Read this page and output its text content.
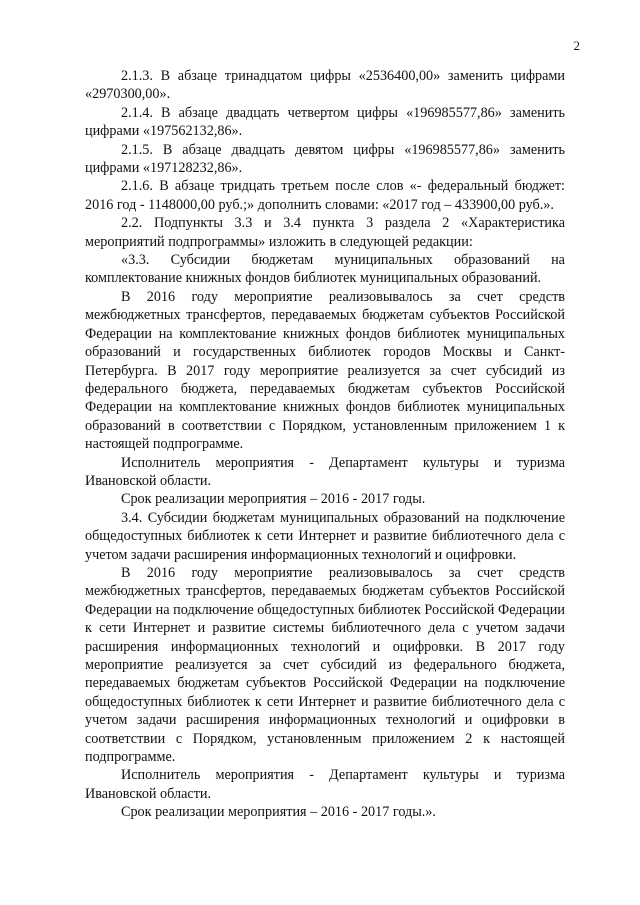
2

2.1.3. В абзаце тринадцатом цифры «2536400,00» заменить цифрами «2970300,00».

2.1.4. В абзаце двадцать четвертом цифры «196985577,86» заменить цифрами «197562132,86».

2.1.5. В абзаце двадцать девятом цифры «196985577,86» заменить цифрами «197128232,86».

2.1.6. В абзаце тридцать третьем после слов «- федеральный бюджет: 2016 год - 1148000,00 руб.;» дополнить словами: «2017 год – 433900,00 руб.».

2.2. Подпункты 3.3 и 3.4 пункта 3 раздела 2 «Характеристика мероприятий подпрограммы» изложить в следующей редакции:

«3.3. Субсидии бюджетам муниципальных образований на комплектование книжных фондов библиотек муниципальных образований.

В 2016 году мероприятие реализовывалось за счет средств межбюджетных трансфертов, передаваемых бюджетам субъектов Российской Федерации на комплектование книжных фондов библиотек муниципальных образований и государственных библиотек городов Москвы и Санкт-Петербурга. В 2017 году мероприятие реализуется за счет субсидий из федерального бюджета, передаваемых бюджетам субъектов Российской Федерации на комплектование книжных фондов библиотек муниципальных образований в соответствии с Порядком, установленным приложением 1 к настоящей подпрограмме.

Исполнитель мероприятия - Департамент культуры и туризма Ивановской области.

Срок реализации мероприятия – 2016 - 2017 годы.

3.4. Субсидии бюджетам муниципальных образований на подключение общедоступных библиотек к сети Интернет и развитие библиотечного дела с учетом задачи расширения информационных технологий и оцифровки.

В 2016 году мероприятие реализовывалось за счет средств межбюджетных трансфертов, передаваемых бюджетам субъектов Российской Федерации на подключение общедоступных библиотек Российской Федерации к сети Интернет и развитие системы библиотечного дела с учетом задачи расширения информационных технологий и оцифровки. В 2017 году мероприятие реализуется за счет субсидий из федерального бюджета, передаваемых бюджетам субъектов Российской Федерации на подключение общедоступных библиотек к сети Интернет и развитие библиотечного дела с учетом задачи расширения информационных технологий и оцифровки в соответствии с Порядком, установленным приложением 2 к настоящей подпрограмме.

Исполнитель мероприятия - Департамент культуры и туризма Ивановской области.

Срок реализации мероприятия – 2016 - 2017 годы.».
